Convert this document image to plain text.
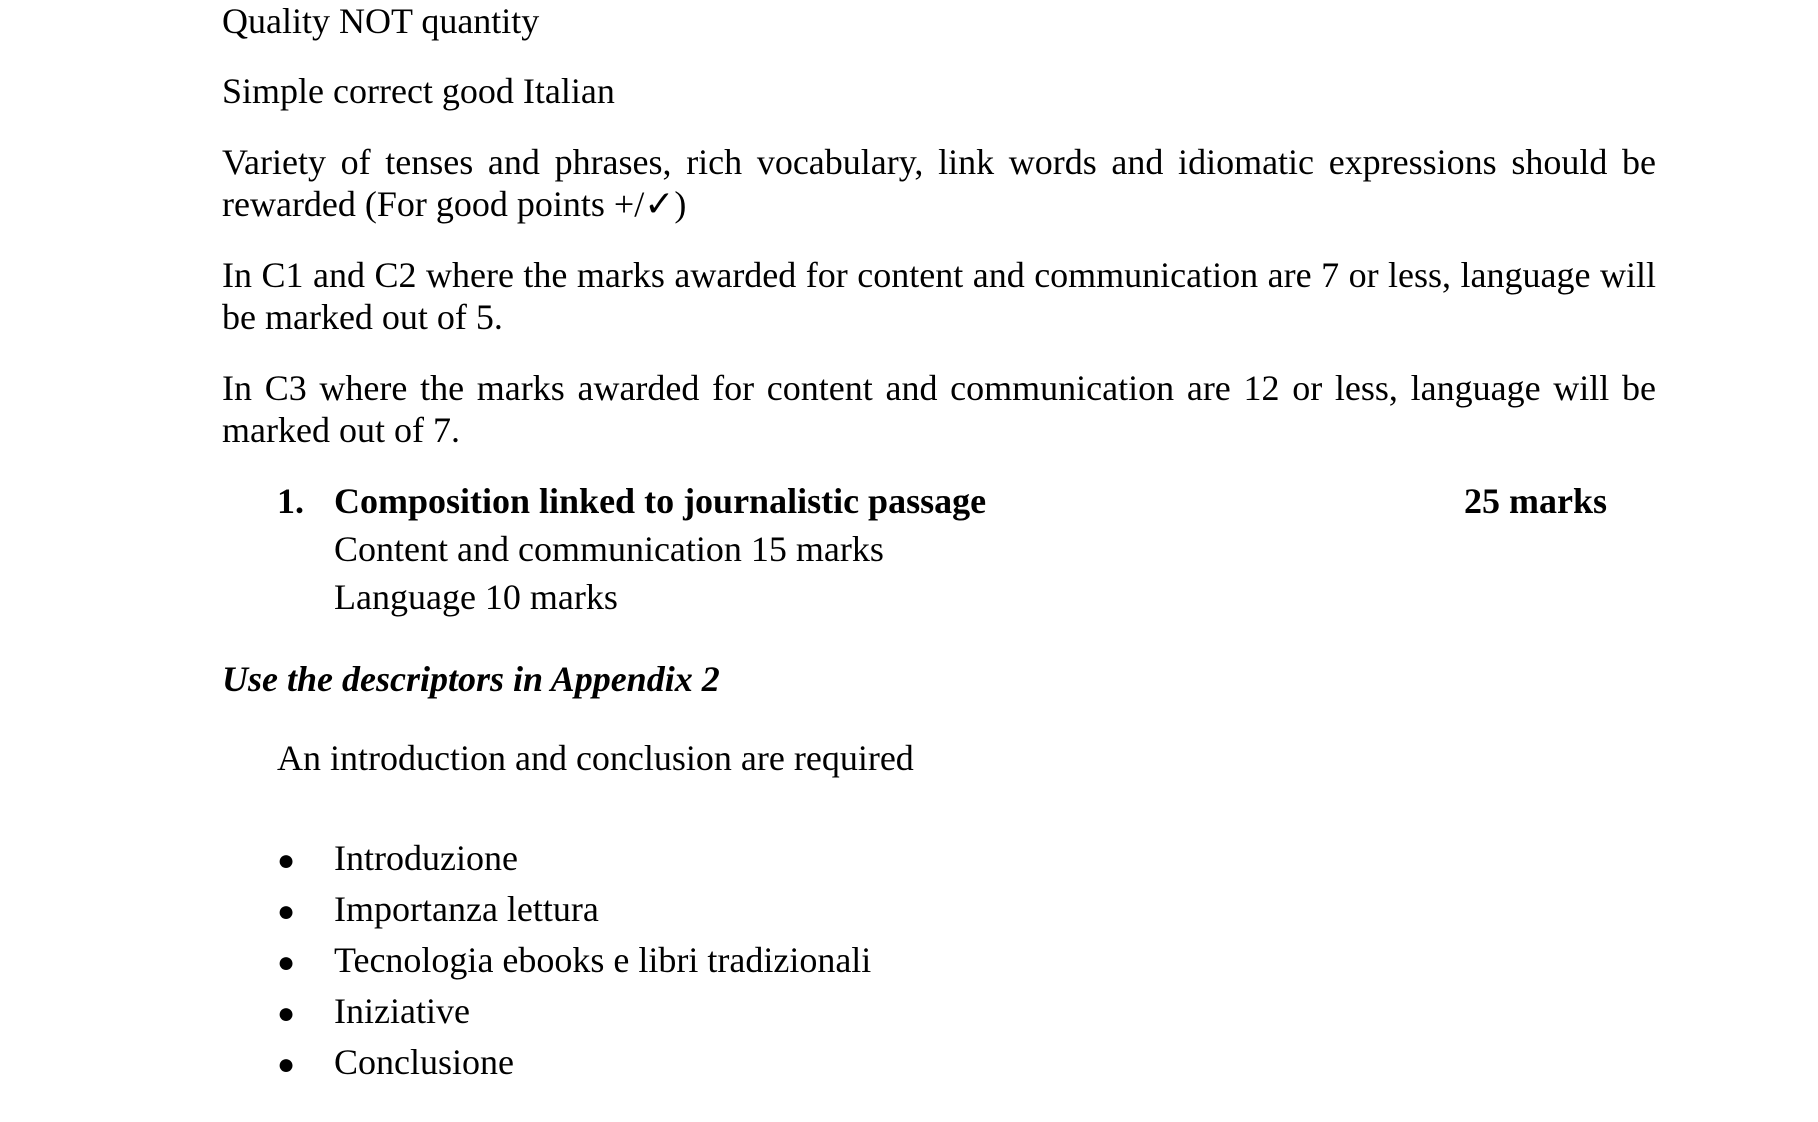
Quality NOT quantity

Simple correct good Italian

Variety of tenses and phrases, rich vocabulary, link words and idiomatic expressions should be rewarded (For good points +/✓)

In C1 and C2 where the marks awarded for content and communication are 7 or less, language will be marked out of 5.

In C3 where the marks awarded for content and communication are 12 or less, language will be marked out of 7.

1. Composition linked to journalistic passage	25 marks
Content and communication 15 marks
Language 10 marks
Use the descriptors in Appendix 2
An introduction and conclusion are required
●	Introduzione
●	Importanza lettura
●	Tecnologia ebooks e libri tradizionali
●	Iniziative
●	Conclusione
